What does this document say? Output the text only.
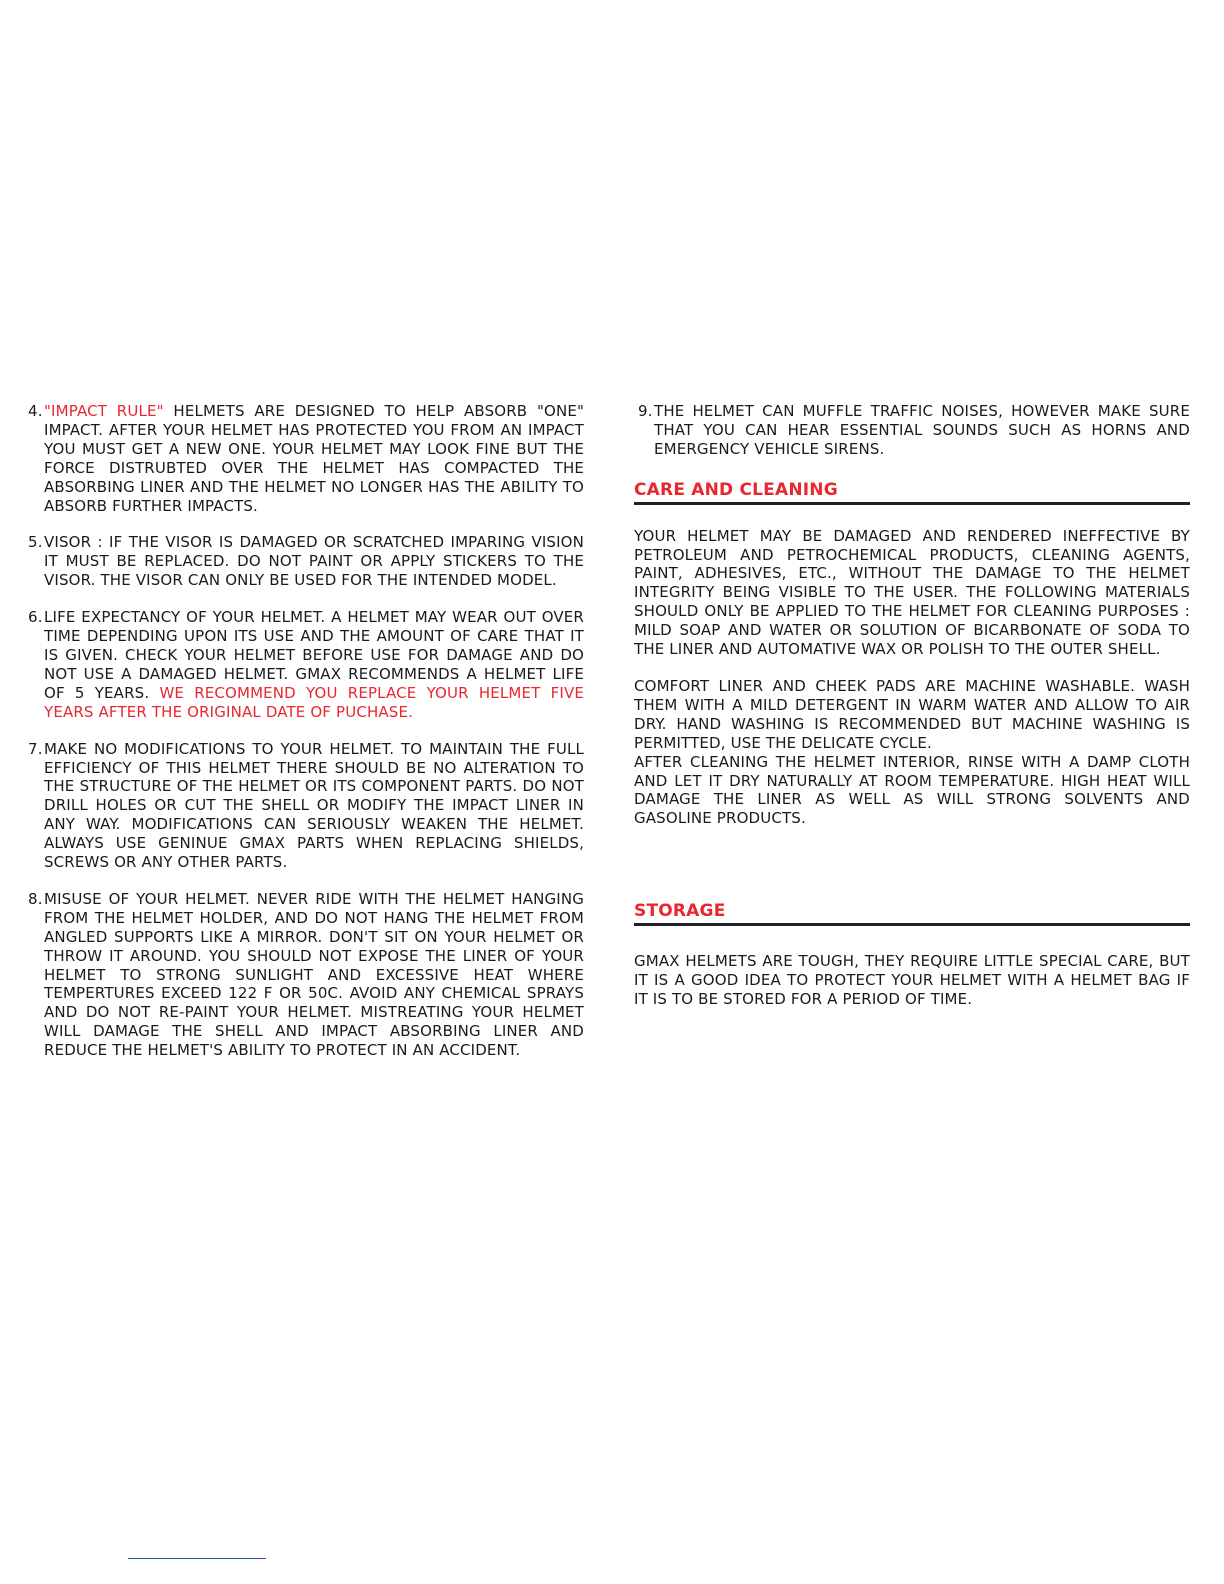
4. "IMPACT RULE" HELMETS ARE DESIGNED TO HELP ABSORB "ONE" IMPACT. AFTER YOUR HELMET HAS PROTECTED YOU FROM AN IMPACT YOU MUST GET A NEW ONE. YOUR HELMET MAY LOOK FINE BUT THE FORCE DISTRUBTED OVER THE HELMET HAS COMPACTED THE ABSORBING LINER AND THE HELMET NO LONGER HAS THE ABILITY TO ABSORB FURTHER IMPACTS.
5. VISOR : IF THE VISOR IS DAMAGED OR SCRATCHED IMPARING VISION IT MUST BE REPLACED. DO NOT PAINT OR APPLY STICKERS TO THE VISOR. THE VISOR CAN ONLY BE USED FOR THE INTENDED MODEL.
6. LIFE EXPECTANCY OF YOUR HELMET. A HELMET MAY WEAR OUT OVER TIME DEPENDING UPON ITS USE AND THE AMOUNT OF CARE THAT IT IS GIVEN. CHECK YOUR HELMET BEFORE USE FOR DAMAGE AND DO NOT USE A DAMAGED HELMET. GMAX RECOMMENDS A HELMET LIFE OF 5 YEARS. WE RECOMMEND YOU REPLACE YOUR HELMET FIVE YEARS AFTER THE ORIGINAL DATE OF PUCHASE.
7. MAKE NO MODIFICATIONS TO YOUR HELMET. TO MAINTAIN THE FULL EFFICIENCY OF THIS HELMET THERE SHOULD BE NO ALTERATION TO THE STRUCTURE OF THE HELMET OR ITS COMPONENT PARTS. DO NOT DRILL HOLES OR CUT THE SHELL OR MODIFY THE IMPACT LINER IN ANY WAY. MODIFICATIONS CAN SERIOUSLY WEAKEN THE HELMET. ALWAYS USE GENINUE GMAX PARTS WHEN REPLACING SHIELDS, SCREWS OR ANY OTHER PARTS.
8. MISUSE OF YOUR HELMET. NEVER RIDE WITH THE HELMET HANGING FROM THE HELMET HOLDER, AND DO NOT HANG THE HELMET FROM ANGLED SUPPORTS LIKE A MIRROR. DON'T SIT ON YOUR HELMET OR THROW IT AROUND. YOU SHOULD NOT EXPOSE THE LINER OF YOUR HELMET TO STRONG SUNLIGHT AND EXCESSIVE HEAT WHERE TEMPERTURES EXCEED 122 F OR 50C. AVOID ANY CHEMICAL SPRAYS AND DO NOT RE-PAINT YOUR HELMET. MISTREATING YOUR HELMET WILL DAMAGE THE SHELL AND IMPACT ABSORBING LINER AND REDUCE THE HELMET'S ABILITY TO PROTECT IN AN ACCIDENT.
9. THE HELMET CAN MUFFLE TRAFFIC NOISES, HOWEVER MAKE SURE THAT YOU CAN HEAR ESSENTIAL SOUNDS SUCH AS HORNS AND EMERGENCY VEHICLE SIRENS.
CARE AND CLEANING

YOUR HELMET MAY BE DAMAGED AND RENDERED INEFFECTIVE BY PETROLEUM AND PETROCHEMICAL PRODUCTS, CLEANING AGENTS, PAINT, ADHESIVES, ETC., WITHOUT THE DAMAGE TO THE HELMET INTEGRITY BEING VISIBLE TO THE USER. THE FOLLOWING MATERIALS SHOULD ONLY BE APPLIED TO THE HELMET FOR CLEANING PURPOSES : MILD SOAP AND WATER OR SOLUTION OF BICARBONATE OF SODA TO THE LINER AND AUTOMATIVE WAX OR POLISH TO THE OUTER SHELL.

COMFORT LINER AND CHEEK PADS ARE MACHINE WASHABLE. WASH THEM WITH A MILD DETERGENT IN WARM WATER AND ALLOW TO AIR DRY. HAND WASHING IS RECOMMENDED BUT MACHINE WASHING IS PERMITTED, USE THE DELICATE CYCLE.

AFTER CLEANING THE HELMET INTERIOR, RINSE WITH A DAMP CLOTH AND LET IT DRY NATURALLY AT ROOM TEMPERATURE. HIGH HEAT WILL DAMAGE THE LINER AS WELL AS WILL STRONG SOLVENTS AND GASOLINE PRODUCTS.

STORAGE

GMAX HELMETS ARE TOUGH, THEY REQUIRE LITTLE SPECIAL CARE, BUT IT IS A GOOD IDEA TO PROTECT YOUR HELMET WITH A HELMET BAG IF IT IS TO BE STORED FOR A PERIOD OF TIME.
